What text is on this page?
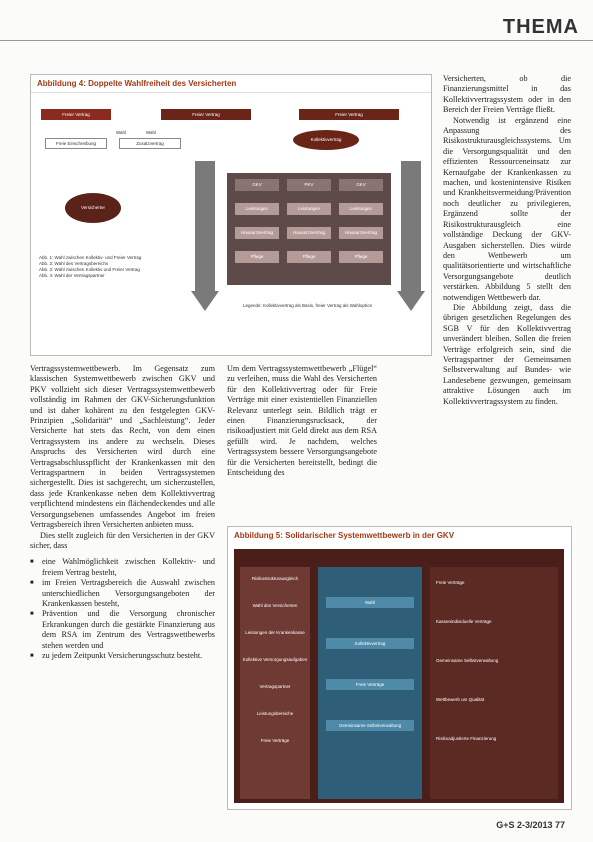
THEMA
Abbildung 4: Doppelte Wahlfreiheit des Versicherten
Freier Vertrag	Freier Vertrag	Freier Vertrag
Freie Einschreibung	Zusatzvertrag
Kollektivvertrag
Versicherter
Wahl	Wahl
GKV	PKV	GKV
Leistungen	Leistungen	Leistungen
Hausarztvertrag	Hausarztvertrag	Hausarztvertrag
Pflege	Pflege	Pflege
Abb. 1: Wahl zwischen Kollektiv- und Freier Vertrag
Abb. 2: Wahl des Vertragsbereichs
Abb. 3: Wahl zwischen Kollektiv und Freier Vertrag
Abb. 4: Wahl der Vertragspartner
Legende: Kollektivvertrag als Basis, freier Vertrag als Wahloption

Versicherten, ob die Finanzierungsmittel in das Kollektivvertragssystem oder in den Bereich der Freien Verträge fließt.

Notwendig ist ergänzend eine Anpassung des Risikostrukturausgleichssystems. Um die Versorgungsqualität und den effizienten Ressourceneinsatz zur Kernaufgabe der Krankenkassen zu machen, und kostenintensive Risiken und Krankheitsvermeidung/Prävention noch deutlicher zu privilegieren, Ergänzend sollte der Risikostrukturausgleich eine vollständige Deckung der GKV-Ausgaben sicherstellen. Dies würde den Wettbewerb um qualitätsorientierte und wirtschaftliche Versorgungsangebote deutlich verstärken. Abbildung 5 stellt den notwendigen Wettbewerb dar.

Die Abbildung zeigt, dass die übrigen gesetzlichen Regelungen des SGB V für den Kollektivvertrag unverändert bleiben. Sollen die freien Verträge erfolgreich sein, sind die Vertragspartner der Gemeinsamen Selbstverwaltung auf Bundes- wie Landesebene gezwungen, gemeinsam attraktive Lösungen auch im Kollektivvertragssystem zu finden.

Vertragssystemwettbewerb. Im Gegensatz zum klassischen Systemwettbewerb zwischen GKV und PKV vollzieht sich dieser Vertragssystemwettbewerb vollständig im Rahmen der GKV-Sicherungsfunktion und ist daher kohärent zu den festgelegten GKV-Prinzipien „Solidarität“ und „Sachleistung“. Jeder Versicherte hat stets das Recht, von dem einen Vertragssystem ins andere zu wechseln. Dieses Anspruchs des Versicherten wird durch eine Vertragsabschlusspflicht der Krankenkassen mit den Vertragspartnern in beiden Vertragssystemen sichergestellt. Dies ist sachgerecht, um sicherzustellen, dass jede Krankenkasse neben dem Kollektivvertrag verpflichtend mindestens ein flächendeckendes und alle Versorgungsebenen umfassendes Angebot im freien Vertragsbereich ihren Versicherten anbieten muss.

Dies stellt zugleich für den Versicherten in der GKV sicher, dass

■ eine Wahlmöglichkeit zwischen Kollektiv- und freiem Vertrag besteht,
■ im Freien Vertragsbereich die Auswahl zwischen unterschiedlichen Versorgungsangeboten der Krankenkassen besteht,
■ Prävention und die Versorgung chronischer Erkrankungen durch die gestärkte Finanzierung aus dem RSA im Zentrum des Vertragswettbewerbs stehen werden und
■ zu jedem Zeitpunkt Versicherungsschutz besteht.

Um dem Vertragssystemwettbewerb „Flügel“ zu verleihen, muss die Wahl des Versicherten für den Kollektivvertrag oder für Freie Verträge mit einer existentiellen Finanziellen Relevanz unterlegt sein. Bildlich trägt er einen Finanzierungsrucksack, der risikoadjustiert mit Geld direkt aus dem RSA gefüllt wird. Je nachdem, welches Vertragssystem bessere Versorgungsangebote für die Versicherten bereitstellt, bedingt die Entscheidung des

Abbildung 5: Solidarischer Systemwettbewerb in der GKV
Risikostrukturausgleich
Wahl des Versicherten
Leistungen der Krankenkasse
Kollektive Versorgungsaufgaben
Vertragspartner
Leistungsbereiche
Freie Verträge
Wahl
Kollektivvertrag
Freie Verträge
Gemeinsame Selbstverwaltung
Freie Verträge
Kassenindividuelle Verträge
Gemeinsame Selbstverwaltung
Wettbewerb um Qualität
Risikoadjustierte Finanzierung
G+S 2-3/2013 77
